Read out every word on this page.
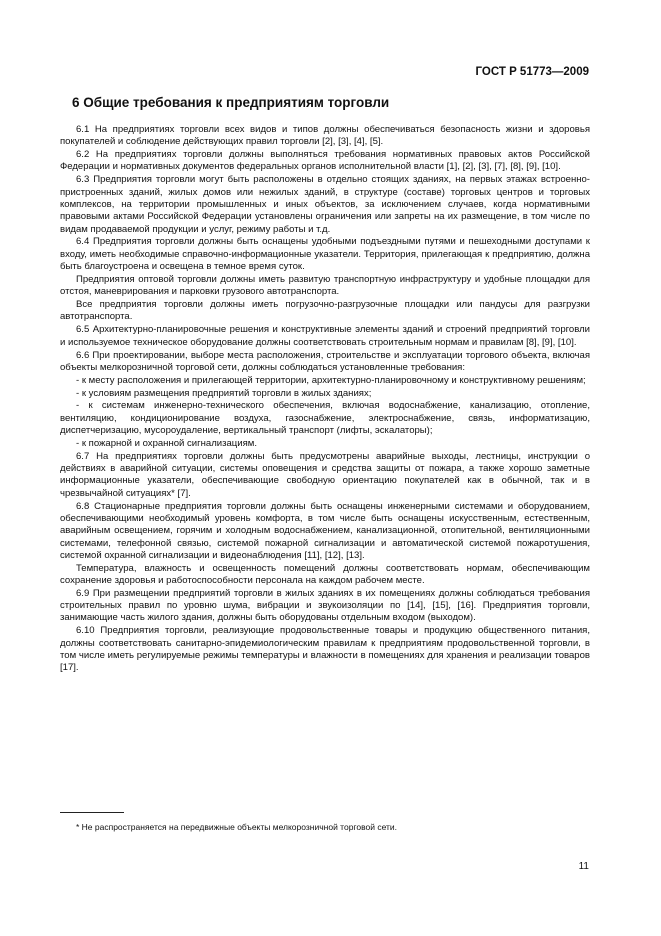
ГОСТ Р 51773—2009
6 Общие требования к предприятиям торговли

6.1 На предприятиях торговли всех видов и типов должны обеспечиваться безопасность жизни и здоровья покупателей и соблюдение действующих правил торговли [2], [3], [4], [5].

6.2 На предприятиях торговли должны выполняться требования нормативных правовых актов Российской Федерации и нормативных документов федеральных органов исполнительной власти [1], [2], [3], [7], [8], [9], [10].

6.3 Предприятия торговли могут быть расположены в отдельно стоящих зданиях, на первых этажах встроенно-пристроенных зданий, жилых домов или нежилых зданий, в структуре (составе) торговых центров и торговых комплексов, на территории промышленных и иных объектов, за исключением случаев, когда нормативными правовыми актами Российской Федерации установлены ограничения или запреты на их размещение, в том числе по видам продаваемой продукции и услуг, режиму работы и т.д.

6.4 Предприятия торговли должны быть оснащены удобными подъездными путями и пешеходными доступами к входу, иметь необходимые справочно-информационные указатели. Территория, прилегающая к предприятию, должна быть благоустроена и освещена в темное время суток.

Предприятия оптовой торговли должны иметь развитую транспортную инфраструктуру и удобные площадки для отстоя, маневрирования и парковки грузового автотранспорта.

Все предприятия торговли должны иметь погрузочно-разгрузочные площадки или пандусы для разгрузки автотранспорта.

6.5 Архитектурно-планировочные решения и конструктивные элементы зданий и строений предприятий торговли и используемое техническое оборудование должны соответствовать строительным нормам и правилам [8], [9], [10].

6.6 При проектировании, выборе места расположения, строительстве и эксплуатации торгового объекта, включая объекты мелкорозничной торговой сети, должны соблюдаться установленные требования:

- к месту расположения и прилегающей территории, архитектурно-планировочному и конструктивному решениям;

- к условиям размещения предприятий торговли в жилых зданиях;

- к системам инженерно-технического обеспечения, включая водоснабжение, канализацию, отопление, вентиляцию, кондиционирование воздуха, газоснабжение, электроснабжение, связь, информатизацию, диспетчеризацию, мусороудаление, вертикальный транспорт (лифты, эскалаторы);

- к пожарной и охранной сигнализациям.

6.7 На предприятиях торговли должны быть предусмотрены аварийные выходы, лестницы, инструкции о действиях в аварийной ситуации, системы оповещения и средства защиты от пожара, а также хорошо заметные информационные указатели, обеспечивающие свободную ориентацию покупателей как в обычной, так и в чрезвычайной ситуациях* [7].

6.8 Стационарные предприятия торговли должны быть оснащены инженерными системами и оборудованием, обеспечивающими необходимый уровень комфорта, в том числе быть оснащены искусственным, естественным, аварийным освещением, горячим и холодным водоснабжением, канализационной, отопительной, вентиляционными системами, телефонной связью, системой пожарной сигнализации и автоматической системой пожаротушения, системой охранной сигнализации и видеонаблюдения [11], [12], [13].

Температура, влажность и освещенность помещений должны соответствовать нормам, обеспечивающим сохранение здоровья и работоспособности персонала на каждом рабочем месте.

6.9 При размещении предприятий торговли в жилых зданиях в их помещениях должны соблюдаться требования строительных правил по уровню шума, вибрации и звукоизоляции по [14], [15], [16]. Предприятия торговли, занимающие часть жилого здания, должны быть оборудованы отдельным входом (выходом).

6.10 Предприятия торговли, реализующие продовольственные товары и продукцию общественного питания, должны соответствовать санитарно-эпидемиологическим правилам к предприятиям продовольственной торговли, в том числе иметь регулируемые режимы температуры и влажности в помещениях для хранения и реализации товаров [17].

* Не распространяется на передвижные объекты мелкорозничной торговой сети.
11
